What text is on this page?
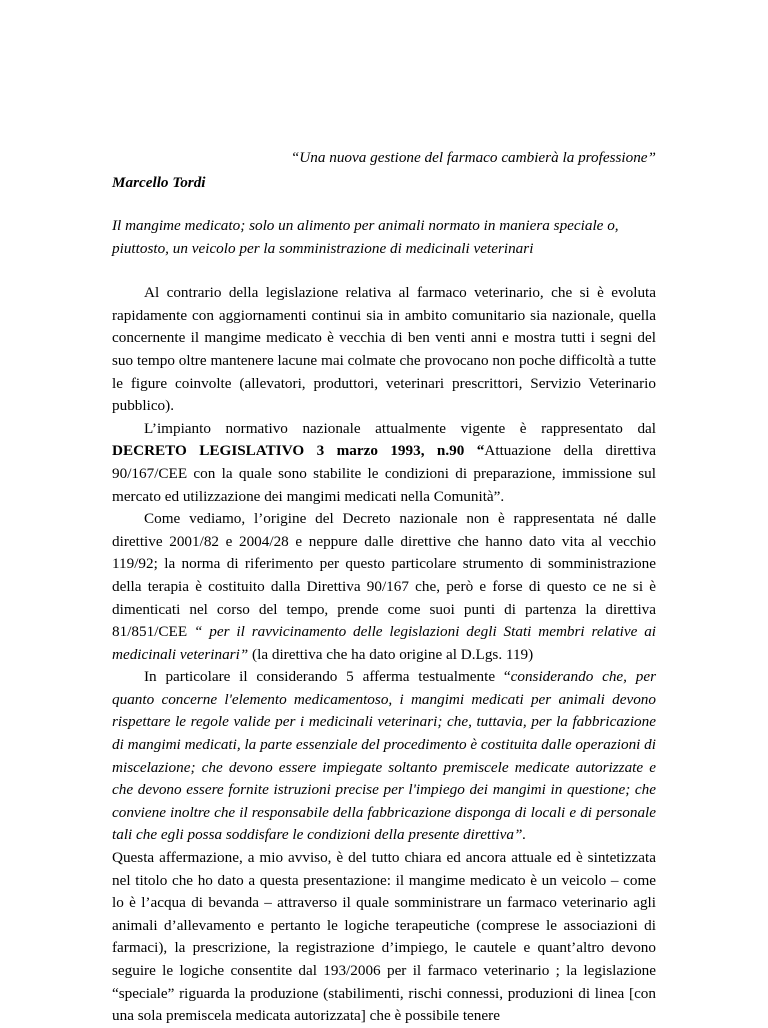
“Una nuova gestione del farmaco cambierà la professione”

Marcello Tordi

Il mangime medicato; solo un alimento per animali normato in maniera speciale o, piuttosto, un veicolo per la somministrazione di medicinali veterinari

Al contrario della legislazione relativa al farmaco veterinario, che si è evoluta rapidamente con aggiornamenti continui sia in ambito comunitario sia nazionale, quella concernente il mangime medicato è vecchia di ben venti anni e mostra tutti i segni del suo tempo oltre mantenere lacune mai colmate che provocano non poche difficoltà a tutte le figure coinvolte (allevatori, produttori, veterinari prescrittori, Servizio Veterinario pubblico).

L’impianto normativo nazionale attualmente vigente è rappresentato dal DECRETO LEGISLATIVO 3 marzo 1993, n.90 “Attuazione della direttiva 90/167/CEE con la quale sono stabilite le condizioni di preparazione, immissione sul mercato ed utilizzazione dei mangimi medicati nella Comunità”.

Come vediamo, l’origine del Decreto nazionale non è rappresentata né dalle direttive 2001/82 e 2004/28 e neppure dalle direttive che hanno dato vita al vecchio 119/92; la norma di riferimento per questo particolare strumento di somministrazione della terapia è costituito dalla Direttiva 90/167 che, però e forse di questo ce ne si è dimenticati nel corso del tempo, prende come suoi punti di partenza la direttiva 81/851/CEE “ per il ravvicinamento delle legislazioni degli Stati membri relative ai medicinali veterinari” (la direttiva che ha dato origine al D.Lgs. 119)

In particolare il considerando 5 afferma testualmente “considerando che, per quanto concerne l'elemento medicamentoso, i mangimi medicati per animali devono rispettare le regole valide per i medicinali veterinari; che, tuttavia, per la fabbricazione di mangimi medicati, la parte essenziale del procedimento è costituita dalle operazioni di miscelazione; che devono essere impiegate soltanto premiscele medicate autorizzate e che devono essere fornite istruzioni precise per l'impiego dei mangimi in questione; che conviene inoltre che il responsabile della fabbricazione disponga di locali e di personale tali che egli possa soddisfare le condizioni della presente direttiva”.

Questa affermazione, a mio avviso, è del tutto chiara ed ancora attuale ed è sintetizzata nel titolo che ho dato a questa presentazione: il mangime medicato è un veicolo – come lo è l’acqua di bevanda – attraverso il quale somministrare un farmaco veterinario agli animali d’allevamento e pertanto le logiche terapeutiche (comprese le associazioni di farmaci), la prescrizione, la registrazione d’impiego, le cautele e quant’altro devono seguire le logiche consentite dal 193/2006 per il farmaco veterinario ; la legislazione “speciale” riguarda la produzione (stabilimenti, rischi connessi, produzioni di linea [con una sola premiscela medicata autorizzata] che è possibile tenere
